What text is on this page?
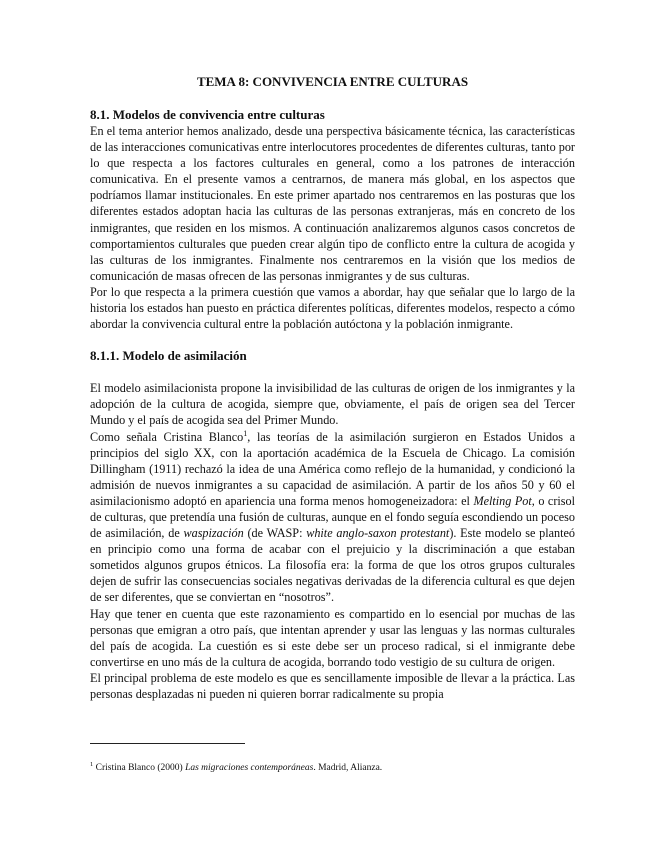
TEMA 8: CONVIVENCIA ENTRE CULTURAS
8.1. Modelos de convivencia entre culturas

En el tema anterior hemos analizado, desde una perspectiva básicamente técnica, las características de las interacciones comunicativas entre interlocutores procedentes de diferentes culturas, tanto por lo que respecta a los factores culturales en general, como a los patrones de interacción comunicativa. En el presente vamos a centrarnos, de manera más global, en los aspectos que podríamos llamar institucionales. En este primer apartado nos centraremos en las posturas que los diferentes estados adoptan hacia las culturas de las personas extranjeras, más en concreto de los inmigrantes, que residen en los mismos. A continuación analizaremos algunos casos concretos de comportamientos culturales que pueden crear algún tipo de conflicto entre la cultura de acogida y las culturas de los inmigrantes. Finalmente nos centraremos en la visión que los medios de comunicación de masas ofrecen de las personas inmigrantes y de sus culturas.

Por lo que respecta a la primera cuestión que vamos a abordar, hay que señalar que lo largo de la historia los estados han puesto en práctica diferentes políticas, diferentes modelos, respecto a cómo abordar la convivencia cultural entre la población autóctona y la población inmigrante.

8.1.1. Modelo de asimilación

El modelo asimilacionista propone la invisibilidad de las culturas de origen de los inmigrantes y la adopción de la cultura de acogida, siempre que, obviamente, el país de origen sea del Tercer Mundo y el país de acogida sea del Primer Mundo.

Como señala Cristina Blanco$^1$, las teorías de la asimilación surgieron en Estados Unidos a principios del siglo XX, con la aportación académica de la Escuela de Chicago. La comisión Dillingham (1911) rechazó la idea de una América como reflejo de la humanidad, y condicionó la admisión de nuevos inmigrantes a su capacidad de asimilación. A partir de los años 50 y 60 el asimilacionismo adoptó en apariencia una forma menos homogeneizadora: el Melting Pot, o crisol de culturas, que pretendía una fusión de culturas, aunque en el fondo seguía escondiendo un poceso de asimilación, de waspización (de WASP: white anglo-saxon protestant). Este modelo se planteó en principio como una forma de acabar con el prejuicio y la discriminación a que estaban sometidos algunos grupos étnicos. La filosofía era: la forma de que los otros grupos culturales dejen de sufrir las consecuencias sociales negativas derivadas de la diferencia cultural es que dejen de ser diferentes, que se conviertan en “nosotros”.

Hay que tener en cuenta que este razonamiento es compartido en lo esencial por muchas de las personas que emigran a otro país, que intentan aprender y usar las lenguas y las normas culturales del país de acogida. La cuestión es si este debe ser un proceso radical, si el inmigrante debe convertirse en uno más de la cultura de acogida, borrando todo vestigio de su cultura de origen.

El principal problema de este modelo es que es sencillamente imposible de llevar a la práctica. Las personas desplazadas ni pueden ni quieren borrar radicalmente su propia

$^1$ Cristina Blanco (2000) Las migraciones contemporáneas. Madrid, Alianza.
